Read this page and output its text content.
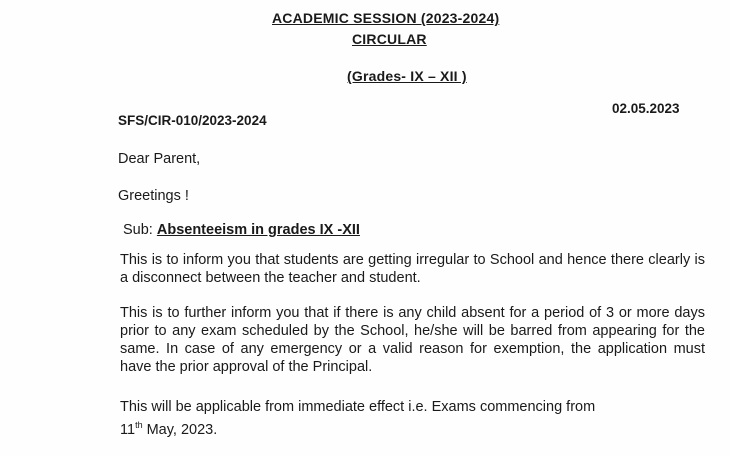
ACADEMIC SESSION (2023-2024)
CIRCULAR
(Grades- IX – XII )
02.05.2023
SFS/CIR-010/2023-2024
Dear Parent,
Greetings !
Sub: Absenteeism in grades IX -XII
This is to inform you that students are getting irregular to School and hence there clearly is a disconnect between the teacher and student.
This is to further inform you that if there is any child absent for a period of 3 or more days prior to any exam scheduled by the School, he/she will be barred from appearing for the same. In case of any emergency or a valid reason for exemption, the application must have the prior approval of the Principal.
This will be applicable from immediate effect i.e. Exams commencing from
11th May, 2023.
